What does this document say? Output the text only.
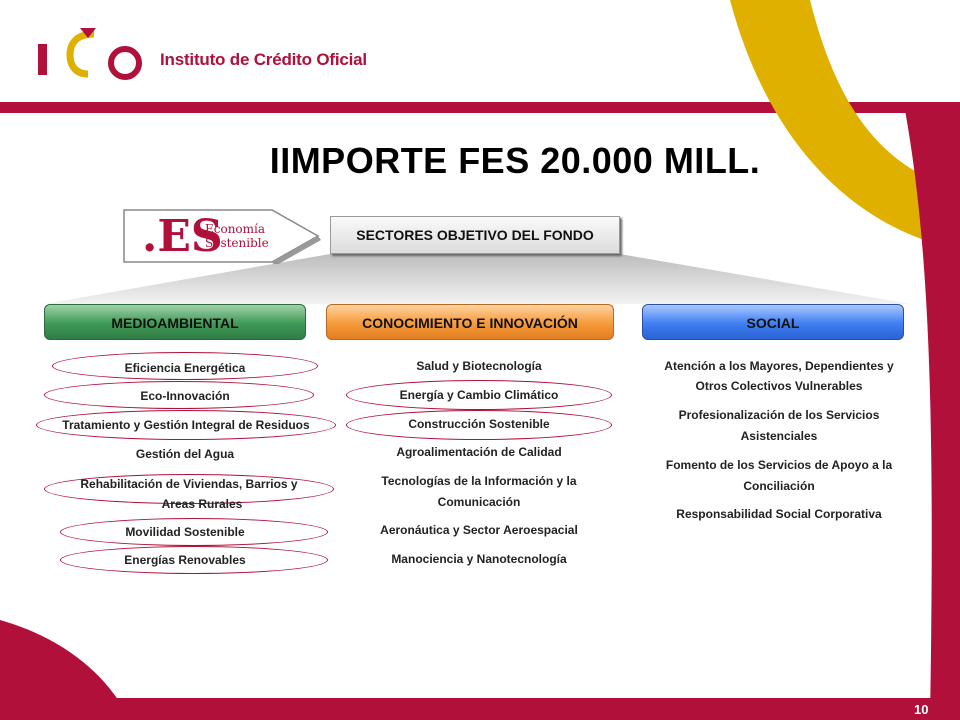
Instituto de Crédito Oficial
IIMPORTE FES 20.000 MILL.
.ES
Economía
Sostenible	SECTORES OBJETIVO DEL FONDO
MEDIOAMBIENTAL	CONOCIMIENTO E INNOVACIÓN	SOCIAL
Eficiencia Energética
Eco-Innovación
Tratamiento y Gestión Integral de Residuos
Gestión del Agua
Rehabilitación de Viviendas, Barrios y
Areas Rurales
Movilidad Sostenible
Energías Renovables
Salud y Biotecnología
Energía y Cambio Climático
Construcción Sostenible
Agroalimentación de Calidad
Tecnologías de la Información y la
Comunicación
Aeronáutica y Sector Aeroespacial
Manociencia y Nanotecnología
Atención a los Mayores, Dependientes y
Otros Colectivos Vulnerables
Profesionalización de los Servicios
Asistenciales
Fomento de los Servicios de Apoyo a la
Conciliación
Responsabilidad Social Corporativa
10
